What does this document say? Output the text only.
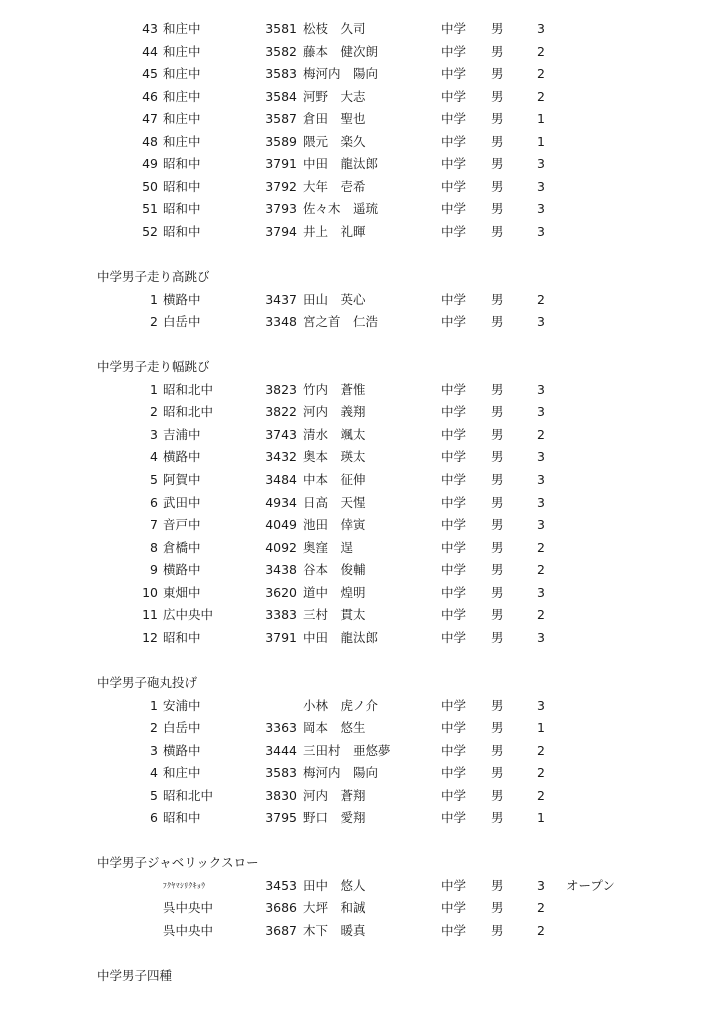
43 和庄中	3581 松枝　久司	中学 男	3
44 和庄中	3582 藤本　健次朗	中学 男	2
45 和庄中	3583 梅河内　陽向	中学 男	2
46 和庄中	3584 河野　大志	中学 男	2
47 和庄中	3587 倉田　聖也	中学 男	1
48 和庄中	3589 隈元　楽久	中学 男	1
49 昭和中	3791 中田　龍汰郎	中学 男	3
50 昭和中	3792 大年　壱希	中学 男	3
51 昭和中	3793 佐々木　遥琉	中学 男	3
52 昭和中	3794 井上　礼暉	中学 男	3
中学男子走り高跳び
1 横路中	3437 田山　英心	中学 男	2
2 白岳中	3348 宮之首　仁浩	中学 男	3
中学男子走り幅跳び
1 昭和北中	3823 竹内　蒼惟	中学 男	3
2 昭和北中	3822 河内　義翔	中学 男	3
3 吉浦中	3743 清水　颯太	中学 男	2
4 横路中	3432 奥本　瑛太	中学 男	3
5 阿賀中	3484 中本　征伸	中学 男	3
6 武田中	4934 日高　天惺	中学 男	3
7 音戸中	4049 池田　倖寅	中学 男	3
8 倉橋中	4092 奥窪　逞	中学 男	2
9 横路中	3438 谷本　俊輔	中学 男	2
10 東畑中	3620 道中　煌明	中学 男	3
11 広中央中	3383 三村　貫太	中学 男	2
12 昭和中	3791 中田　龍汰郎	中学 男	3
中学男子砲丸投げ
1 安浦中	小林　虎ノ介	中学 男	3
2 白岳中	3363 岡本　悠生	中学 男	1
3 横路中	3444 三田村　亜悠夢	中学 男	2
4 和庄中	3583 梅河内　陽向	中学 男	2
5 昭和北中	3830 河内　蒼翔	中学 男	2
6 昭和中	3795 野口　愛翔	中学 男	1
中学男子ジャベリックスロー
ﾌｸﾔﾏｼﾘｸｷｮｳ	3453 田中　悠人	中学 男	3 オープン
呉中央中	3686 大坪　和誠	中学 男	2
呉中央中	3687 木下　暖真	中学 男	2
中学男子四種
